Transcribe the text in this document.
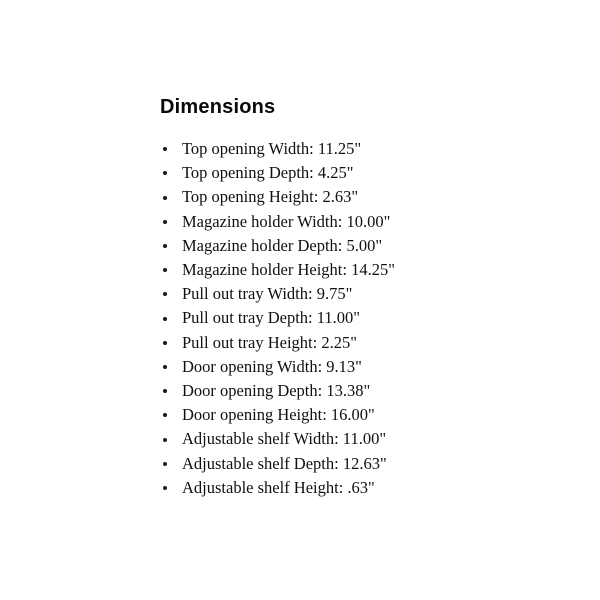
Dimensions
Top opening Width: 11.25"
Top opening Depth: 4.25"
Top opening Height: 2.63"
Magazine holder Width: 10.00"
Magazine holder Depth: 5.00"
Magazine holder Height: 14.25"
Pull out tray Width: 9.75"
Pull out tray Depth: 11.00"
Pull out tray Height: 2.25"
Door opening Width: 9.13"
Door opening Depth: 13.38"
Door opening Height: 16.00"
Adjustable shelf Width: 11.00"
Adjustable shelf Depth: 12.63"
Adjustable shelf Height: .63"
